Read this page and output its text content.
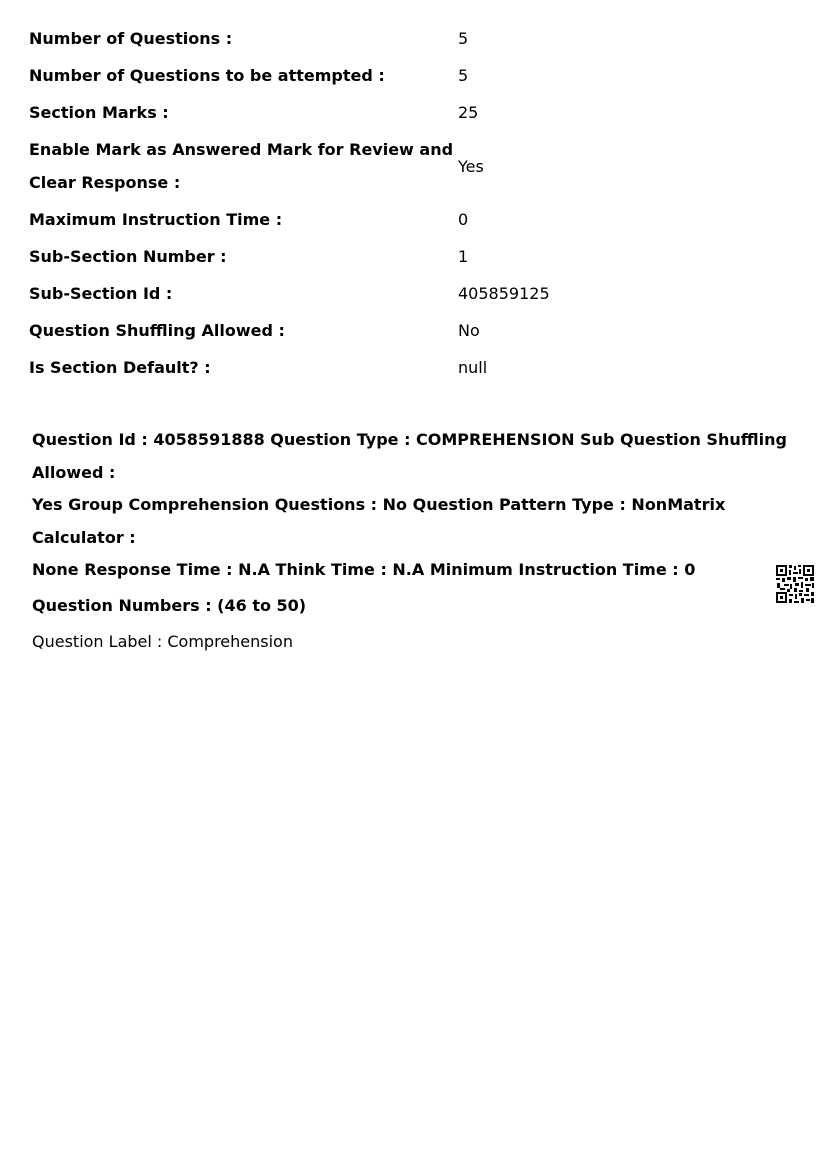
Number of Questions :	5
Number of Questions to be attempted :	5
Section Marks :	25
Enable Mark as Answered Mark for Review and Clear Response :	Yes
Maximum Instruction Time :	0
Sub-Section Number :	1
Sub-Section Id :	405859125
Question Shuffling Allowed :	No
Is Section Default? :	null

Question Id : 4058591888 Question Type : COMPREHENSION Sub Question Shuffling Allowed :
Yes Group Comprehension Questions : No Question Pattern Type : NonMatrix Calculator :
None Response Time : N.A Think Time : N.A Minimum Instruction Time : 0

Question Numbers : (46 to 50)

Question Label : Comprehension
